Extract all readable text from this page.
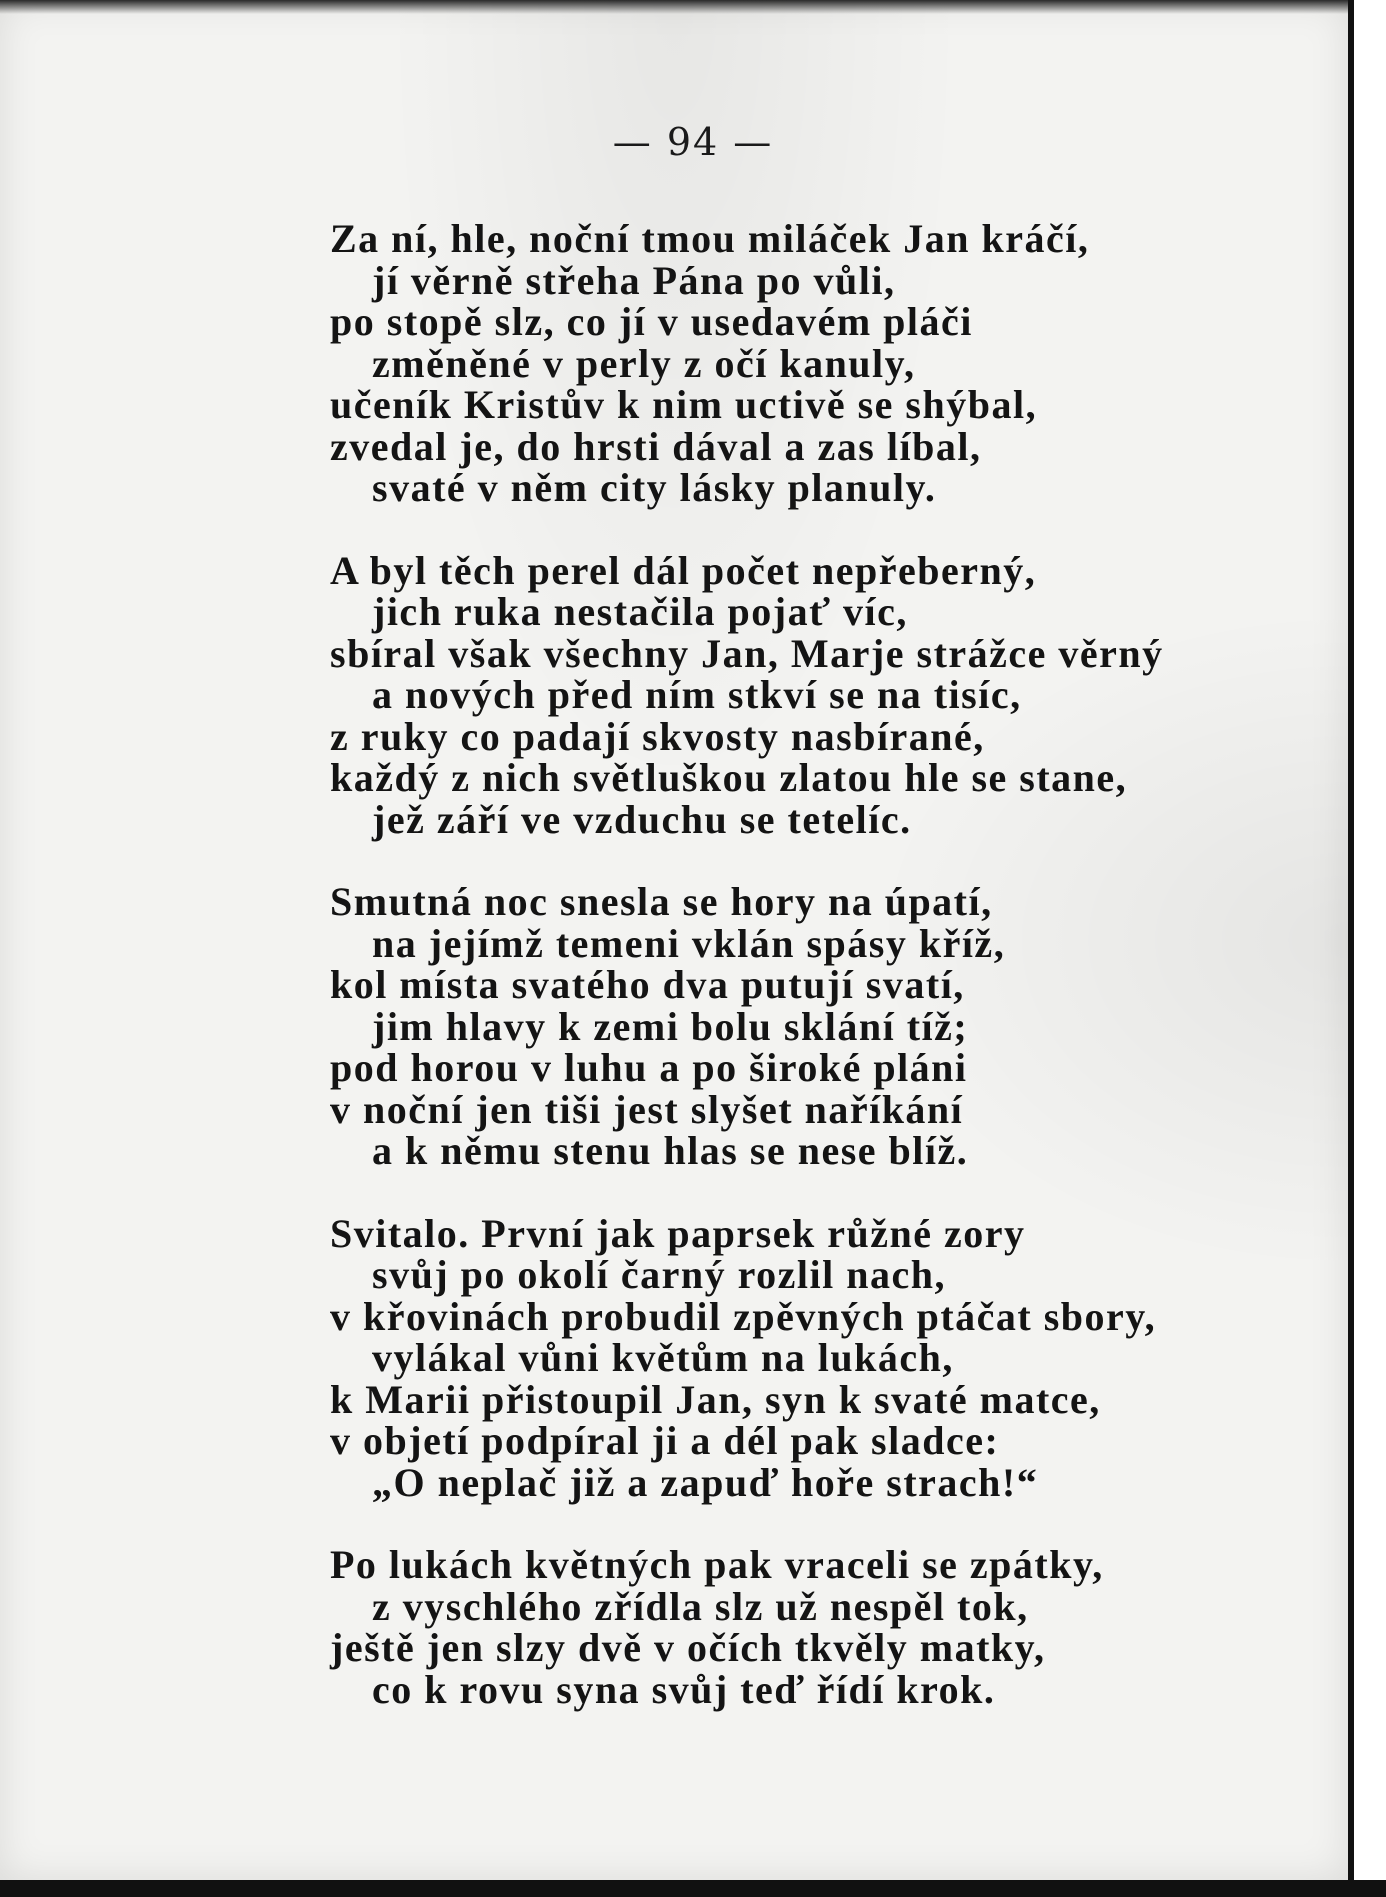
— 94 —
Za ní, hle, noční tmou miláček Jan kráčí,
jí věrně střeha Pána po vůli,
po stopě slz, co jí v usedavém pláči
změněné v perly z očí kanuly,
učeník Kristův k nim uctivě se shýbal,
zvedal je, do hrsti dával a zas líbal,
svaté v něm city lásky planuly.
A byl těch perel dál počet nepřeberný,
jich ruka nestačila pojať víc,
sbíral však všechny Jan, Marje strážce věrný
a nových před ním stkví se na tisíc,
z ruky co padají skvosty nasbírané,
každý z nich světluškou zlatou hle se stane,
jež září ve vzduchu se tetelíc.
Smutná noc snesla se hory na úpatí,
na jejímž temeni vklán spásy kříž,
kol místa svatého dva putují svatí,
jim hlavy k zemi bolu sklání tíž;
pod horou v luhu a po široké pláni
v noční jen tiši jest slyšet naříkání
a k němu stenu hlas se nese blíž.
Svitalo. První jak paprsek růžné zory
svůj po okolí čarný rozlil nach,
v křovinách probudil zpěvných ptáčat sbory,
vylákal vůni květům na lukách,
k Marii přistoupil Jan, syn k svaté matce,
v objetí podpíral ji a dél pak sladce:
„O neplač již a zapuď hoře strach!“
Po lukách květných pak vraceli se zpátky,
z vyschlého zřídla slz už nespěl tok,
ještě jen slzy dvě v očích tkvěly matky,
co k rovu syna svůj teď řídí krok.
